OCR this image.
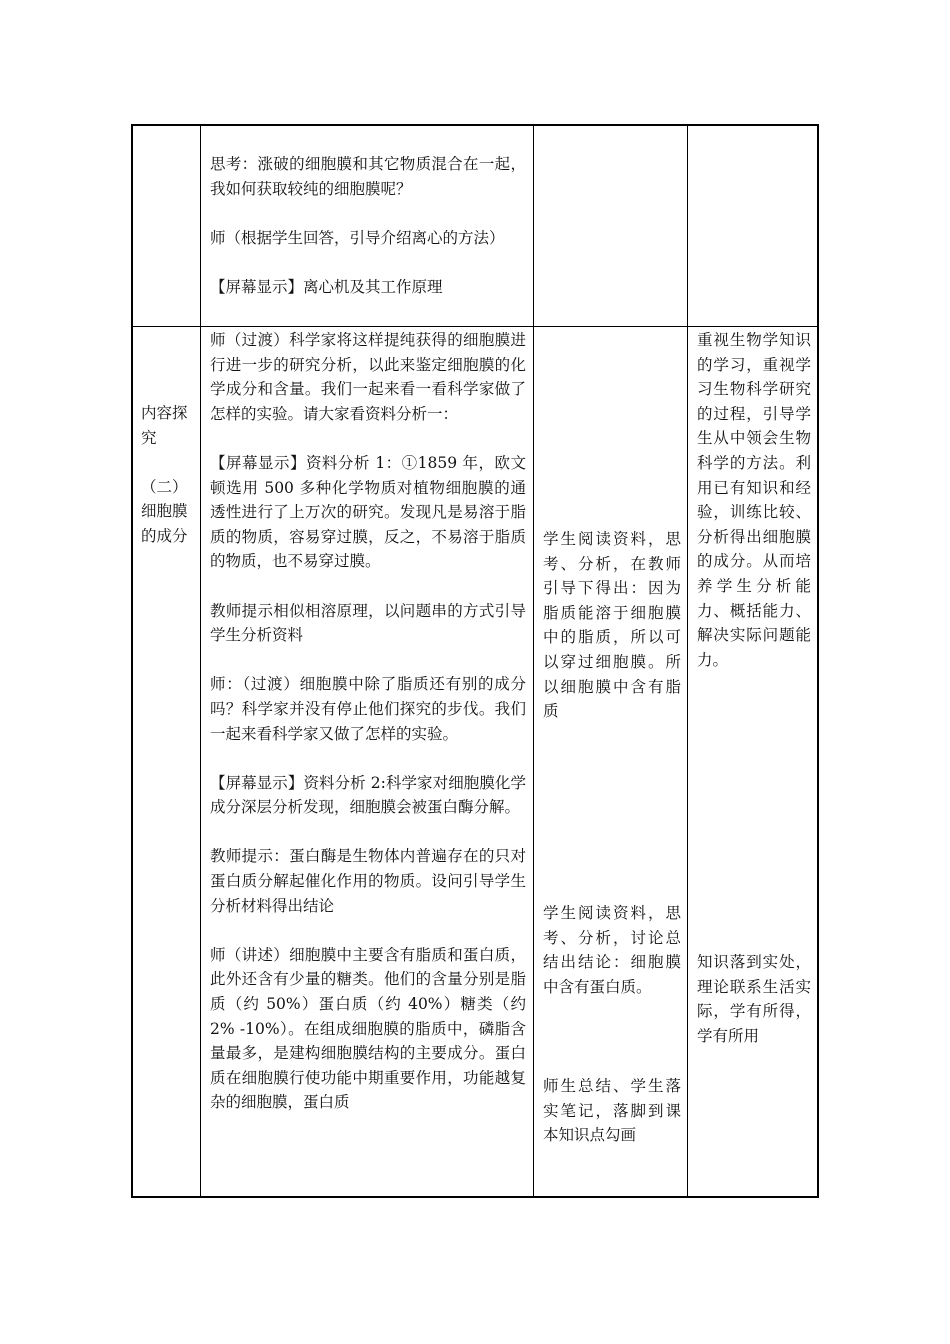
思考：涨破的细胞膜和其它物质混合在一起，我如何获取较纯的细胞膜呢？

师（根据学生回答，引导介绍离心的方法）

【屏幕显示】离心机及其工作原理

内容探究

（二）细胞膜的成分

师（过渡）科学家将这样提纯获得的细胞膜进行进一步的研究分析，以此来鉴定细胞膜的化学成分和含量。我们一起来看一看科学家做了怎样的实验。请大家看资料分析一：

【屏幕显示】资料分析 1：①1859 年，欧文顿选用 500 多种化学物质对植物细胞膜的通透性进行了上万次的研究。发现凡是易溶于脂质的物质，容易穿过膜，反之，不易溶于脂质的物质，也不易穿过膜。

教师提示相似相溶原理，以问题串的方式引导学生分析资料

师：（过渡）细胞膜中除了脂质还有别的成分吗？科学家并没有停止他们探究的步伐。我们一起来看科学家又做了怎样的实验。

【屏幕显示】资料分析 2:科学家对细胞膜化学成分深层分析发现，细胞膜会被蛋白酶分解。

教师提示：蛋白酶是生物体内普遍存在的只对蛋白质分解起催化作用的物质。设问引导学生分析材料得出结论

师（讲述）细胞膜中主要含有脂质和蛋白质，此外还含有少量的糖类。他们的含量分别是脂质（约 50%）蛋白质（约 40%）糖类（约 2% -10%）。在组成细胞膜的脂质中，磷脂含量最多，是建构细胞膜结构的主要成分。蛋白质在细胞膜行使功能中期重要作用，功能越复杂的细胞膜，蛋白质

学生阅读资料，思考、分析，在教师引导下得出：因为脂质能溶于细胞膜中的脂质，所以可以穿过细胞膜。所以细胞膜中含有脂质
学生阅读资料，思考、分析，讨论总结出结论：细胞膜中含有蛋白质。
师生总结、学生落实笔记，落脚到课本知识点勾画
重视生物学知识的学习，重视学习生物科学研究的过程，引导学生从中领会生物科学的方法。利用已有知识和经验，训练比较、分析得出细胞膜的成分。从而培养学生分析能力、概括能力、解决实际问题能力。
知识落到实处，理论联系生活实际，学有所得，学有所用
